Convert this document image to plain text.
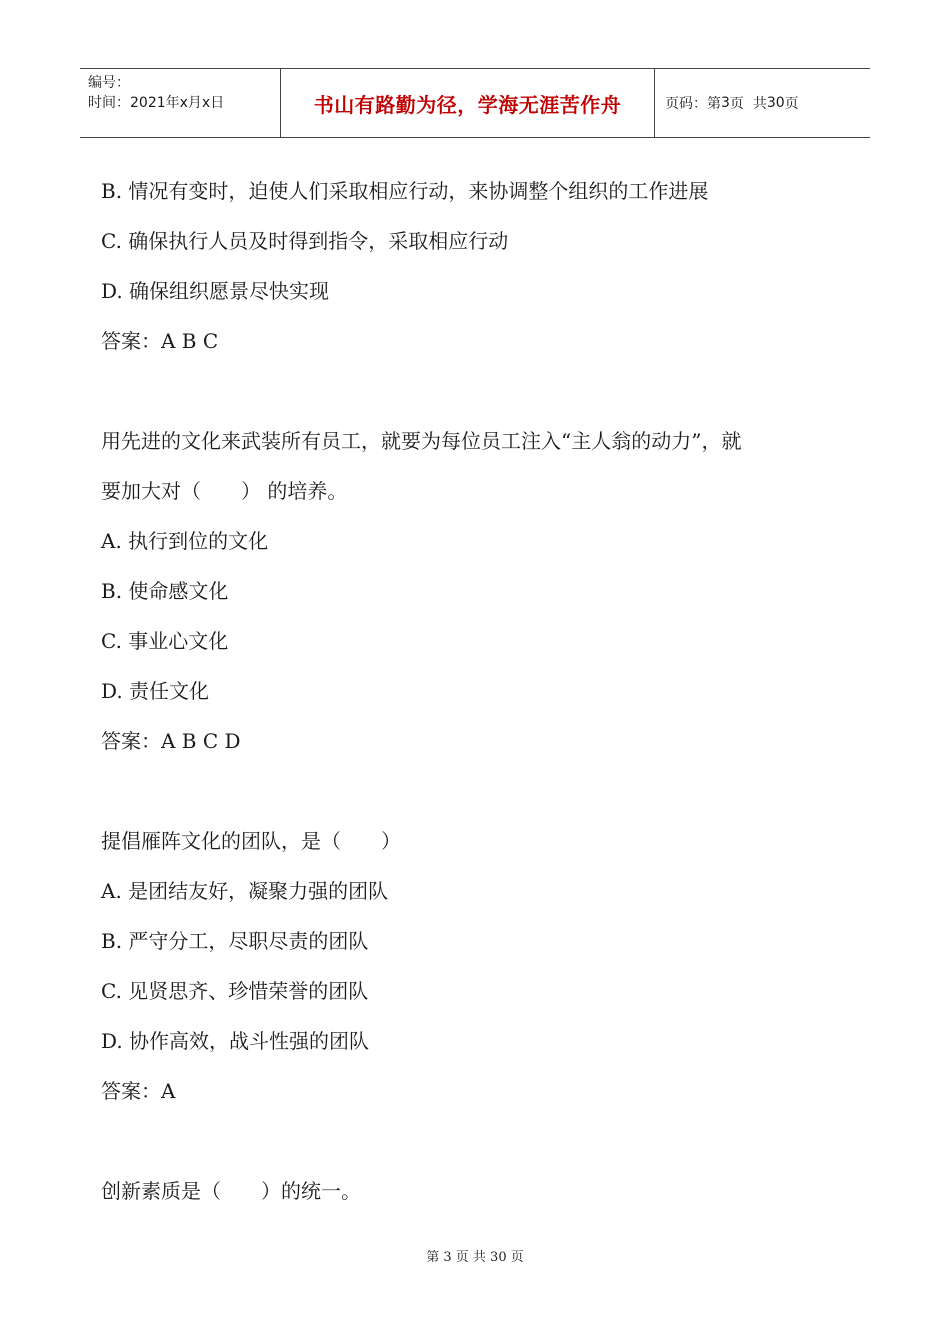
编号：
时间：2021年x月x日	书山有路勤为径，学海无涯苦作舟	页码：第 3 页  共 30 页
B. 情况有变时，迫使人们采取相应行动，来协调整个组织的工作进展
C. 确保执行人员及时得到指令，采取相应行动
D. 确保组织愿景尽快实现
答案：A B C
用先进的文化来武装所有员工，就要为每位员工注入“主人翁的动力”，就
要加大对（　　） 的培养。
A. 执行到位的文化
B. 使命感文化
C. 事业心文化
D. 责任文化
答案：A B C D
提倡雁阵文化的团队，是（　　）
A. 是团结友好，凝聚力强的团队
B. 严守分工，尽职尽责的团队
C. 见贤思齐、珍惜荣誉的团队
D. 协作高效，战斗性强的团队
答案：A
创新素质是（　　）的统一。
第 3 页 共 30 页
